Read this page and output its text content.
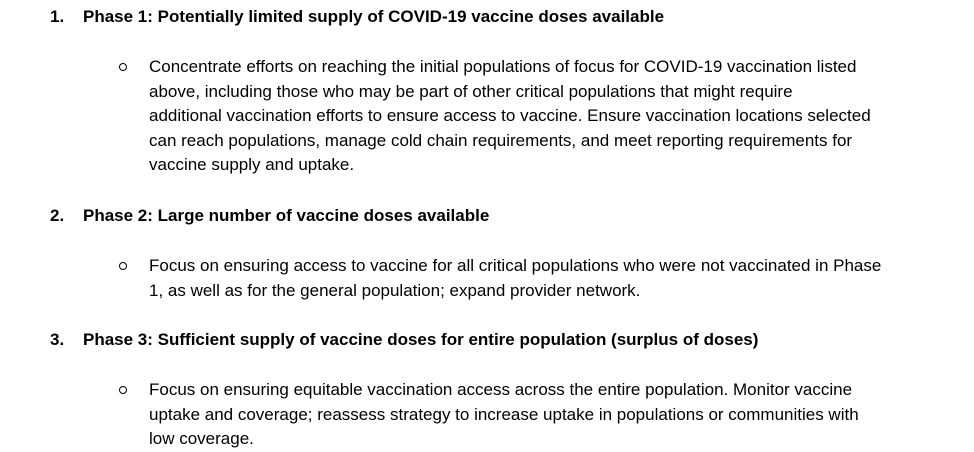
1. Phase 1: Potentially limited supply of COVID-19 vaccine doses available
Concentrate efforts on reaching the initial populations of focus for COVID-19 vaccination listed
above, including those who may be part of other critical populations that might require
additional vaccination efforts to ensure access to vaccine. Ensure vaccination locations selected
can reach populations, manage cold chain requirements, and meet reporting requirements for
vaccine supply and uptake.
2. Phase 2: Large number of vaccine doses available
Focus on ensuring access to vaccine for all critical populations who were not vaccinated in Phase
1, as well as for the general population; expand provider network.
3. Phase 3: Sufficient supply of vaccine doses for entire population (surplus of doses)
Focus on ensuring equitable vaccination access across the entire population. Monitor vaccine
uptake and coverage; reassess strategy to increase uptake in populations or communities with
low coverage.
